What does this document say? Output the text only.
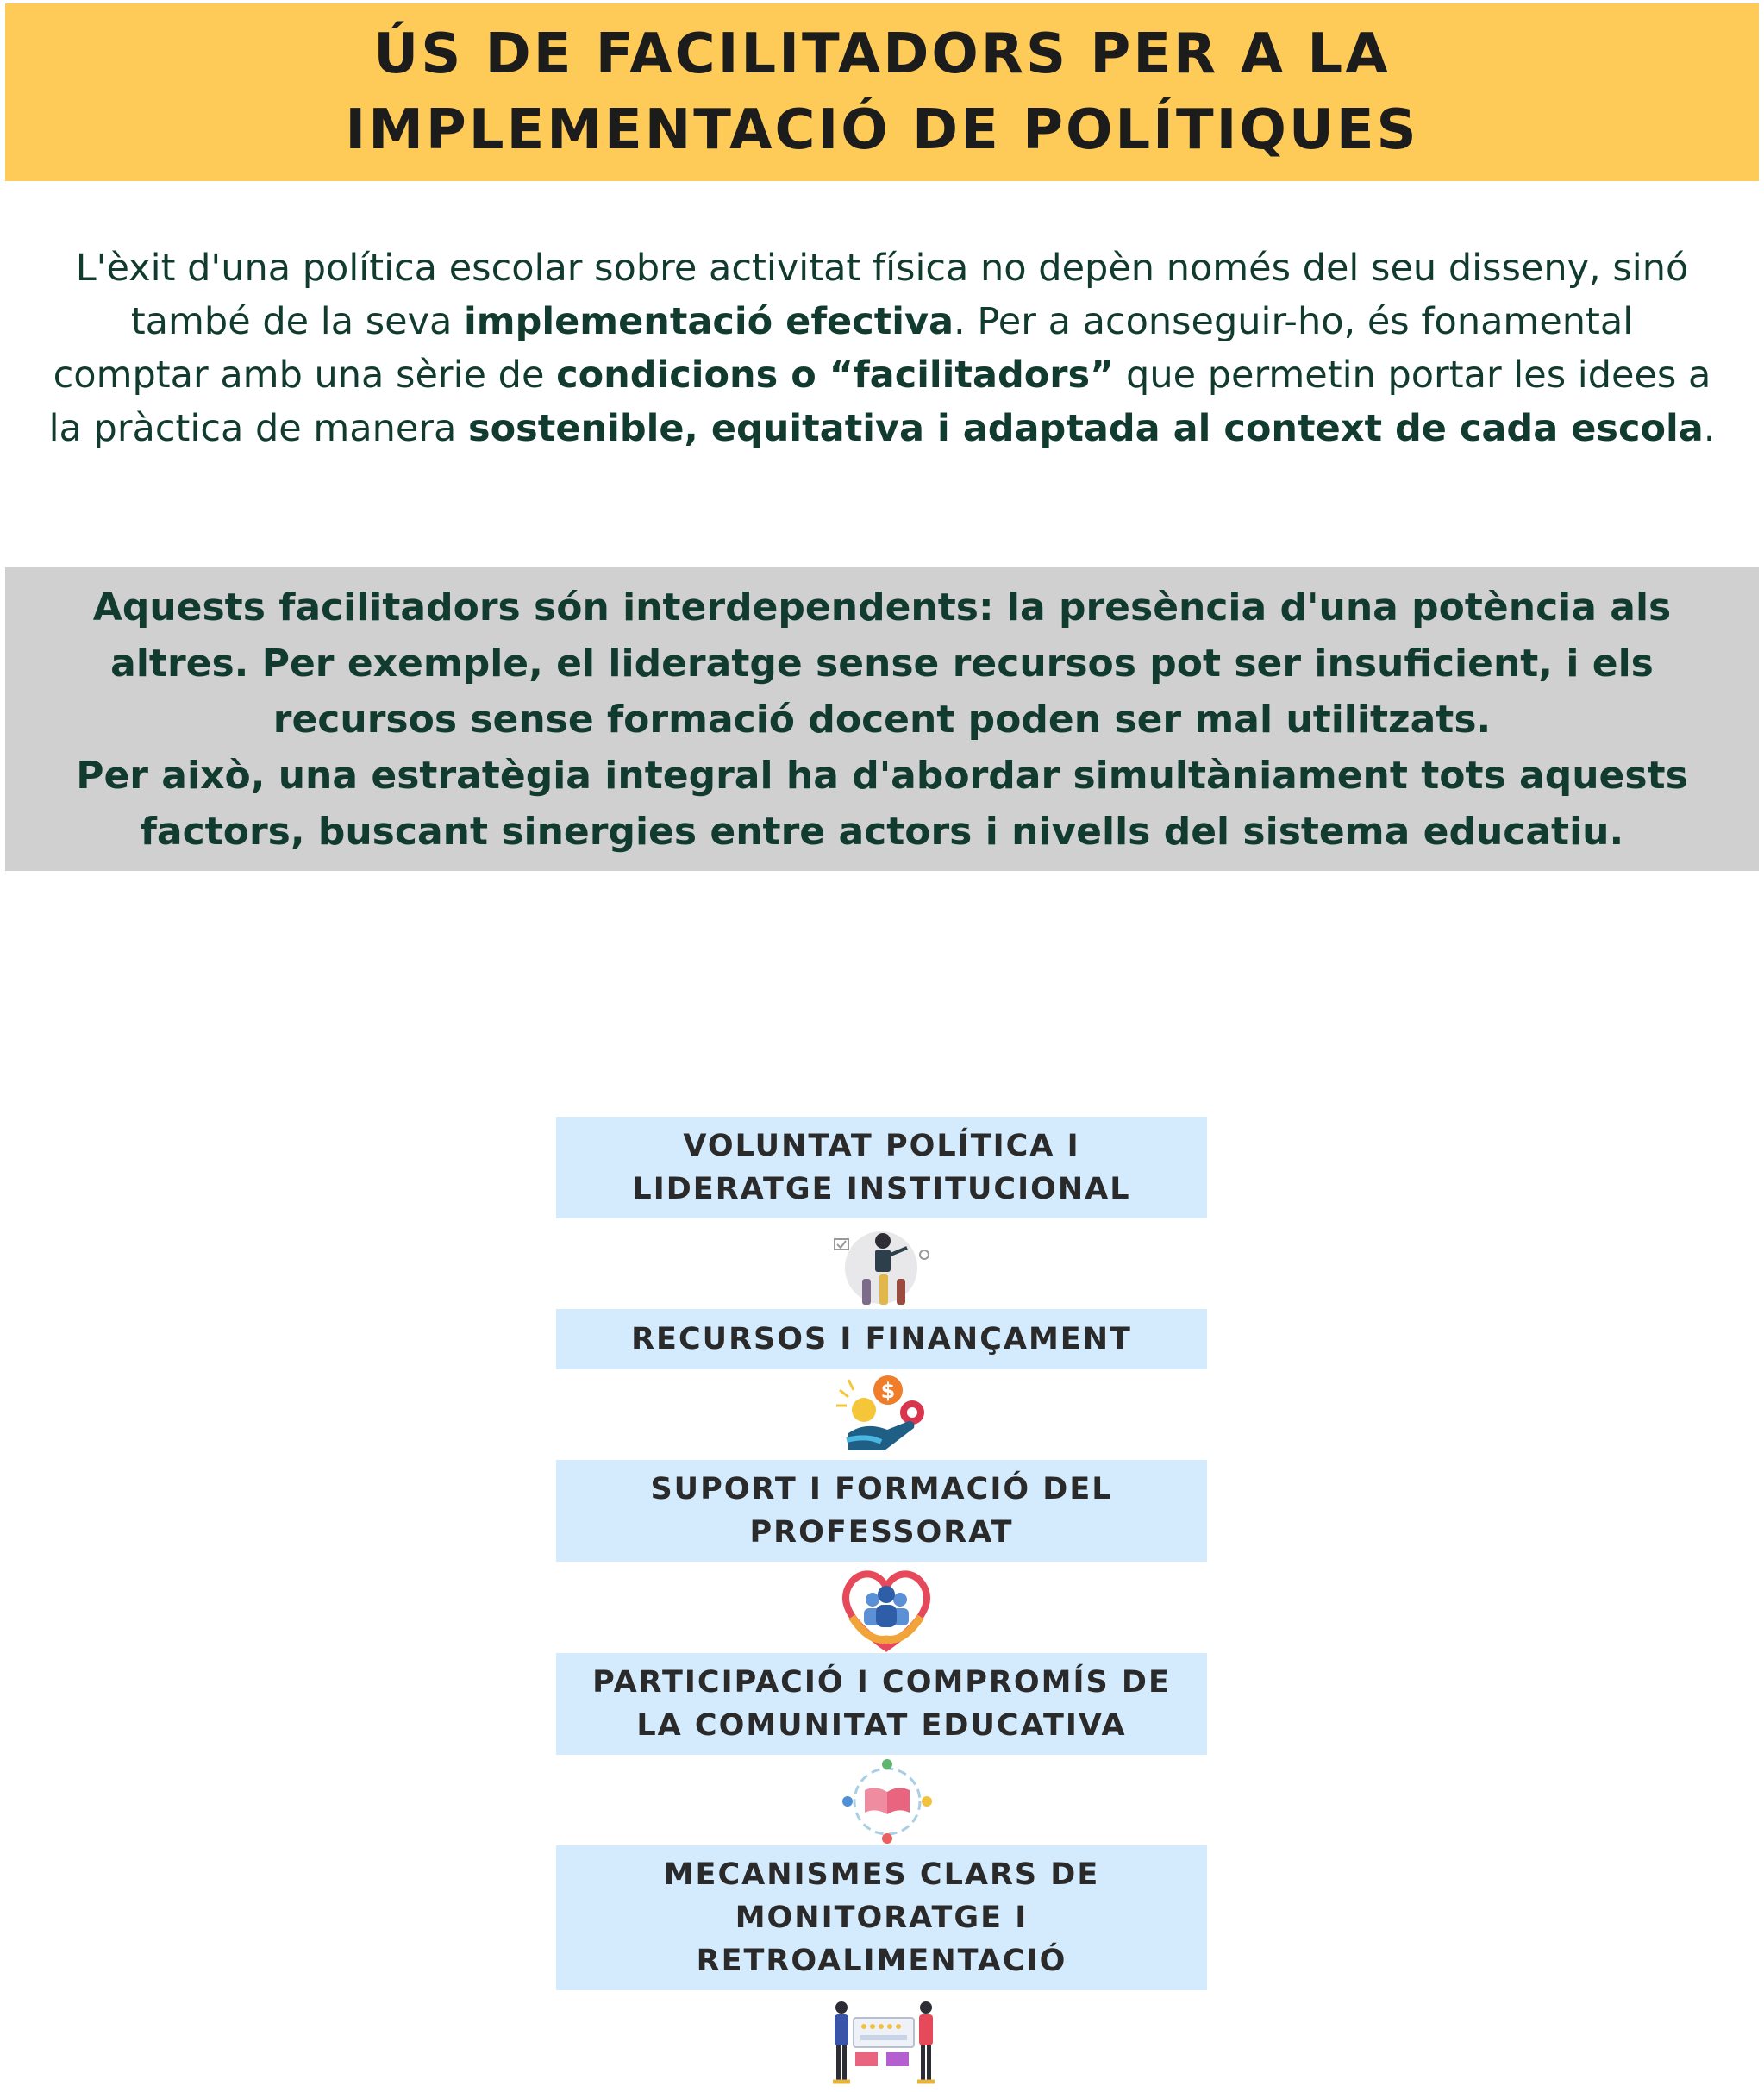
ÚS DE FACILITADORS PER A LA
IMPLEMENTACIÓ DE POLÍTIQUES
L'èxit d'una política escolar sobre activitat física no depèn només del seu disseny, sinó
també de la seva implementació efectiva. Per a aconseguir-ho, és fonamental
comptar amb una sèrie de condicions o “facilitadors” que permetin portar les idees a
la pràctica de manera sostenible, equitativa i adaptada al context de cada escola.
Aquests facilitadors són interdependents: la presència d'una potència als
altres. Per exemple, el lideratge sense recursos pot ser insuficient, i els
recursos sense formació docent poden ser mal utilitzats.
Per això, una estratègia integral ha d'abordar simultàniament tots aquests
factors, buscant sinergies entre actors i nivells del sistema educatiu.
VOLUNTAT POLÍTICA I
LIDERATGE INSTITUCIONAL
RECURSOS I FINANÇAMENT
$
SUPORT I FORMACIÓ DEL
PROFESSORAT
PARTICIPACIÓ I COMPROMÍS DE
LA COMUNITAT EDUCATIVA
MECANISMES CLARS DE
MONITORATGE I
RETROALIMENTACIÓ
